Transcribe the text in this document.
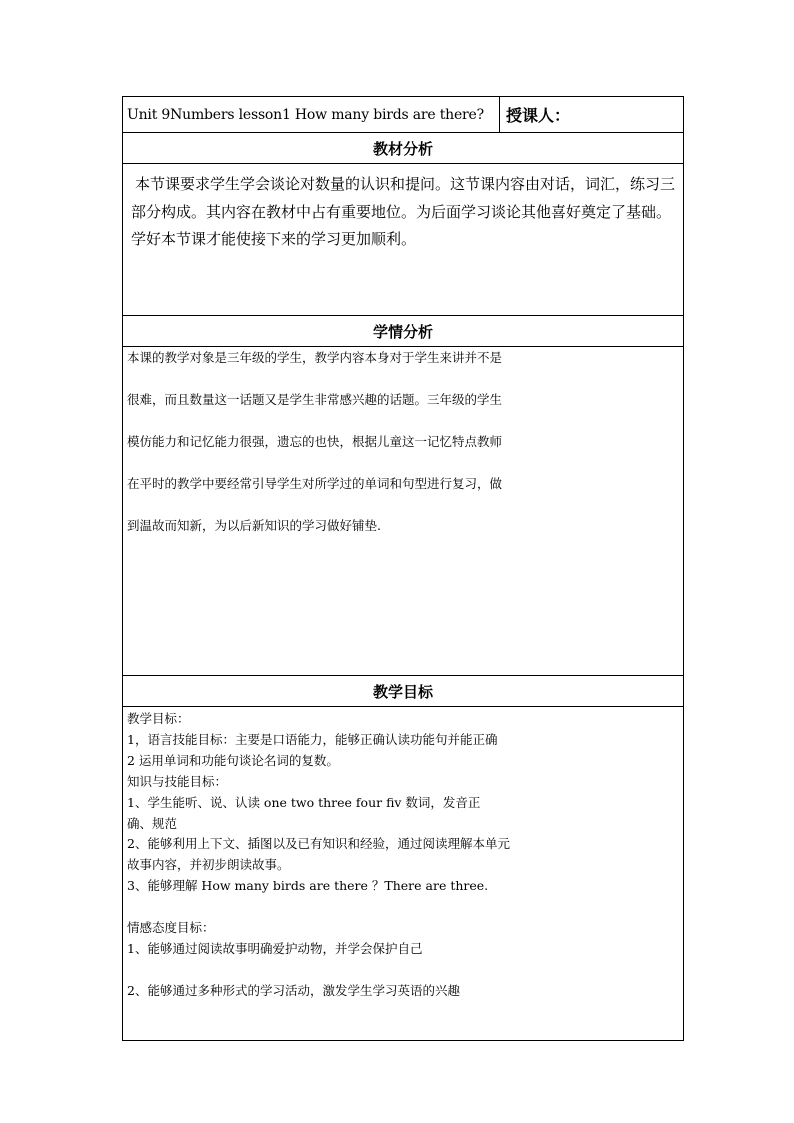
Unit 9Numbers lesson1 How many birds are there?	授课人：
教材分析
本节课要求学生学会谈论对数量的认识和提问。这节课内容由对话，词汇，练习三部分构成。其内容在教材中占有重要地位。为后面学习谈论其他喜好奠定了基础。学好本节课才能使接下来的学习更加顺利。
学情分析

本课的教学对象是三年级的学生，教学内容本身对于学生来讲并不是

很难，而且数量这一话题又是学生非常感兴趣的话题。三年级的学生

模仿能力和记忆能力很强，遗忘的也快，根据儿童这一记忆特点教师

在平时的教学中要经常引导学生对所学过的单词和句型进行复习，做

到温故而知新，为以后新知识的学习做好铺垫.

教学目标

教学目标：
1，语言技能目标：主要是口语能力，能够正确认读功能句并能正确
2 运用单词和功能句谈论名词的复数。
知识与技能目标：
1、学生能听、说、认读 one two three four fiv 数词，发音正
确、规范
2、能够利用上下文、插图以及已有知识和经验，通过阅读理解本单元
故事内容，并初步朗读故事。
3、能够理解 How many birds are there ？There are three.
情感态度目标：
1、能够通过阅读故事明确爱护动物，并学会保护自己
2、能够通过多种形式的学习活动，激发学生学习英语的兴趣
